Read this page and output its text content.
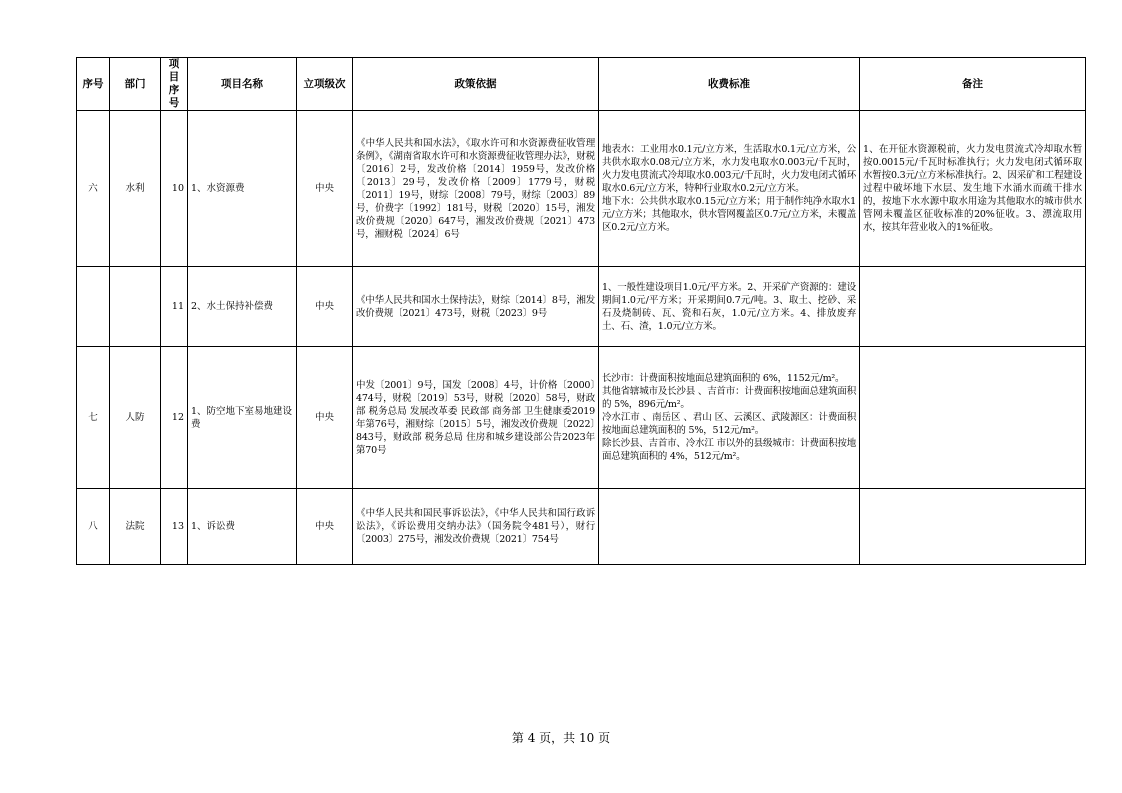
序号	部门	项目序号	项目名称	立项级次	政策依据	收费标准	备注
六	水利	10	1、水资源费	中央	《中华人民共和国水法》，《取水许可和水资源费征收管理条例》，《湖南省取水许可和水资源费征收管理办法》，财税〔2016〕2号，发改价格〔2014〕1959号，发改价格〔2013〕29号，发改价格〔2009〕1779号，财税〔2011〕19号，财综〔2008〕79号，财综〔2003〕89号，价费字〔1992〕181号，财税〔2020〕15号，湘发改价费规〔2020〕647号，湘发改价费规〔2021〕473号，湘财税〔2024〕6号	地表水：工业用水0.1元/立方米，生活取水0.1元/立方米，公共供水取水0.08元/立方米，水力发电取水0.003元/千瓦时，火力发电贯流式冷却取水0.003元/千瓦时，火力发电闭式循环取水0.6元/立方米，特种行业取水0.2元/立方米。
地下水：公共供水取水0.15元/立方米；用于制作纯净水取水1元/立方米；其他取水，供水管网覆盖区0.7元/立方米，未覆盖区0.2元/立方米。	1、在开征水资源税前，火力发电贯流式冷却取水暂按0.0015元/千瓦时标准执行；火力发电闭式循环取水暂按0.3元/立方米标准执行。2、因采矿和工程建设过程中破坏地下水层、发生地下水涌水而疏干排水的，按地下水水源中取水用途为其他取水的城市供水管网未覆盖区征收标准的20%征收。3、漂流取用水，按其年营业收入的1%征收。
		11	2、水土保持补偿费	中央	《中华人民共和国水土保持法》，财综〔2014〕8号，湘发改价费规〔2021〕473号，财税〔2023〕9号	1、一般性建设项目1.0元/平方米。2、开采矿产资源的：建设期间1.0元/平方米；开采期间0.7元/吨。3、取土、挖砂、采石及烧制砖、瓦、瓷和石灰，1.0元/立方米。4、排放废弃土、石、渣，1.0元/立方米。	
七	人防	12	1、防空地下室易地建设费	中央	中发〔2001〕9号，国发〔2008〕4号，计价格〔2000〕474号，财税〔2019〕53号，财税〔2020〕58号，财政部 税务总局 发展改革委 民政部 商务部 卫生健康委2019年第76号，湘财综〔2015〕5号，湘发改价费规〔2022〕843号，财政部 税务总局 住房和城乡建设部公告2023年第70号	长沙市：计费面积按地面总建筑面积的 6%，1152元/m²。
其他省辖城市及长沙县 、吉首市：计费面积按地面总建筑面积的 5%，896元/m²。
冷水江市 、南岳区 、君山 区、云溪区、武陵源区：计费面积按地面总建筑面积的 5%，512元/m²。
除长沙县、吉首市、冷水江 市以外的县级城市：计费面积按地面总建筑面积的 4%，512元/m²。	
八	法院	13	1、诉讼费	中央	《中华人民共和国民事诉讼法》，《中华人民共和国行政诉讼法》，《诉讼费用交纳办法》（国务院令481号），财行〔2003〕275号，湘发改价费规〔2021〕754号		
第 4 页，共 10 页
